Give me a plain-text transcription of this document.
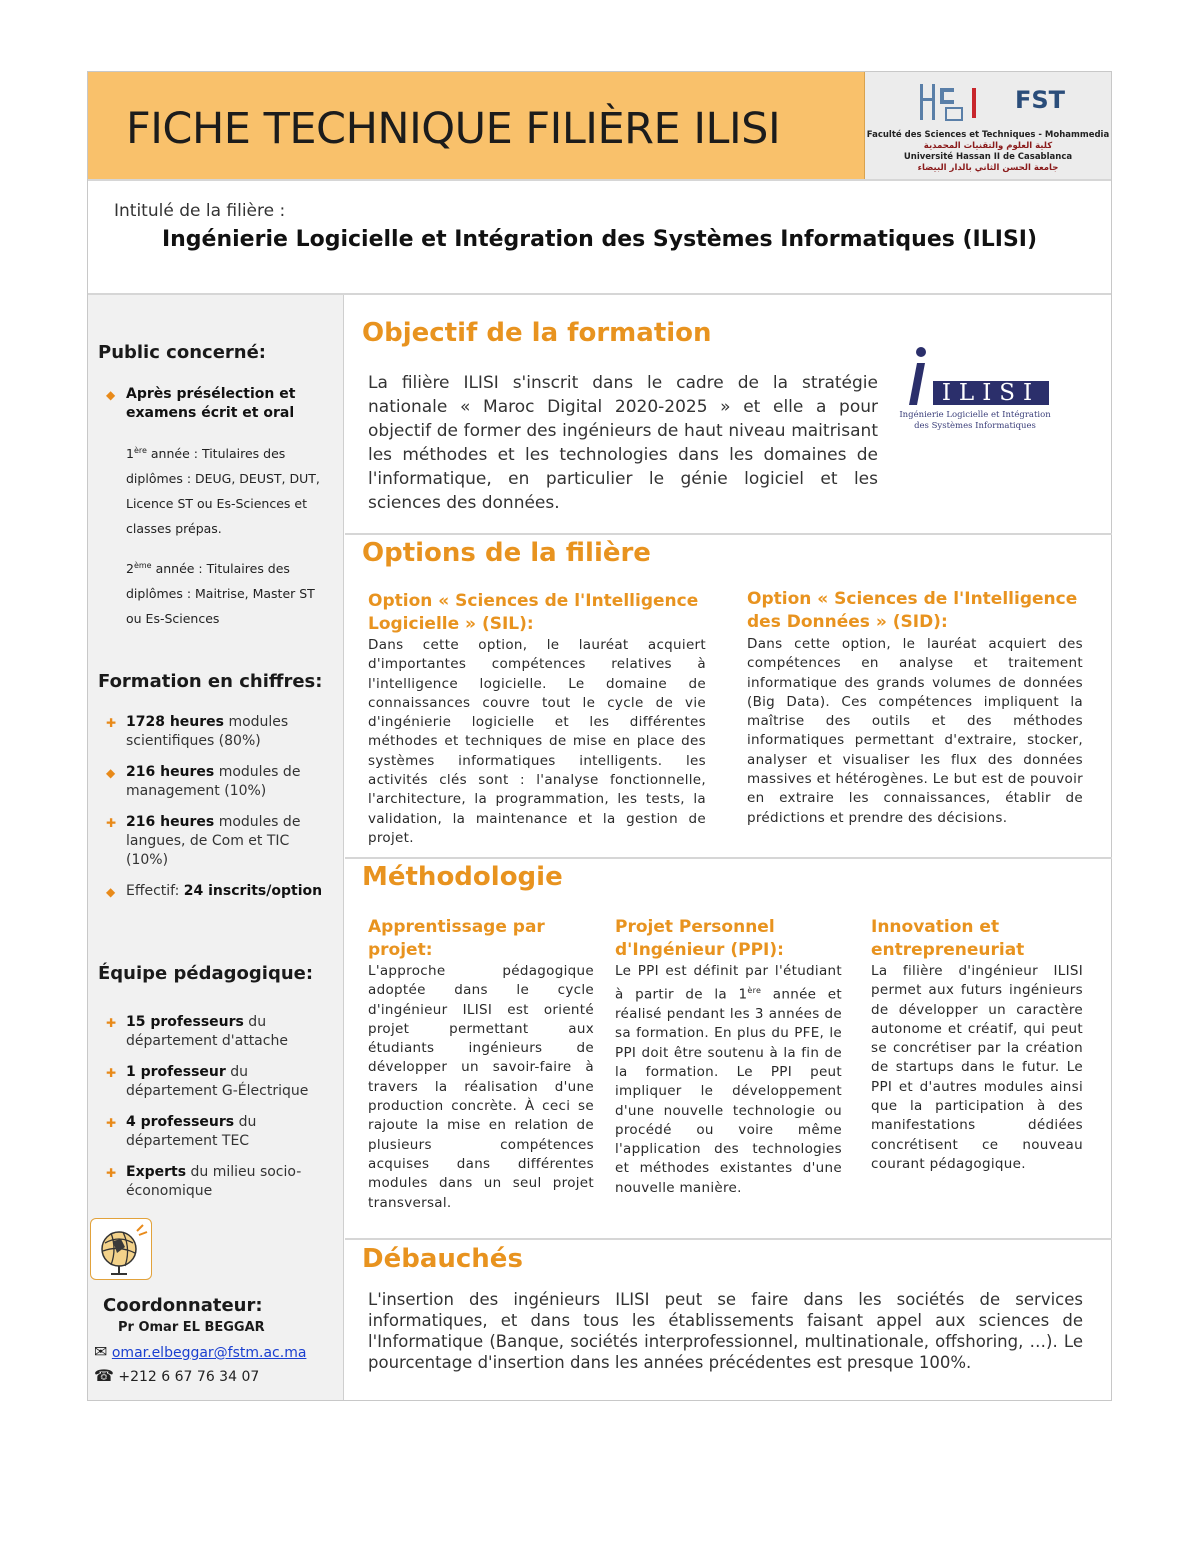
FICHE TECHNIQUE FILIÈRE ILISI
FST
Faculté des Sciences et Techniques - Mohammedia
كلية العلوم والتقنيات المحمدية
Université Hassan II de Casablanca
جامعة الحسن الثاني بالدار البيضاء
Intitulé de la filière :
Ingénierie Logicielle et Intégration des Systèmes Informatiques (ILISI)
Public concerné:
◆ Après présélection et examens écrit et oral
1ère année : Titulaires des diplômes : DEUG, DEUST, DUT, Licence ST ou Es-Sciences et classes prépas.
2ème année : Titulaires des diplômes : Maitrise, Master ST ou Es-Sciences
Formation en chiffres:
✚ 1728 heures modules scientifiques (80%)
◆ 216 heures modules de management (10%)
✚ 216 heures modules de langues, de Com et TIC (10%)
◆ Effectif: 24 inscrits/option
Équipe pédagogique:
✚ 15 professeurs du département d'attache
✚ 1 professeur du département G-Électrique
✚ 4 professeurs du département TEC
✚ Experts du milieu socio-économique
Coordonnateur:
Pr Omar EL BEGGAR
✉ omar.elbeggar@fstm.ac.ma
☎ +212 6 67 76 34 07
Objectif de la formation
La filière ILISI s'inscrit dans le cadre de la stratégie nationale « Maroc Digital 2020-2025 » et elle a pour objectif de former des ingénieurs de haut niveau maitrisant les méthodes et les technologies dans les domaines de l'informatique, en particulier le génie logiciel et les sciences des données.
ILISI
Ingénierie Logicielle et Intégration des Systèmes Informatiques
Options de la filière
Option « Sciences de l'Intelligence Logicielle » (SIL):
Dans cette option, le lauréat acquiert d'importantes compétences relatives à l'intelligence logicielle. Le domaine de connaissances couvre tout le cycle de vie d'ingénierie logicielle et les différentes méthodes et techniques de mise en place des systèmes informatiques intelligents. les activités clés sont : l'analyse fonctionnelle, l'architecture, la programmation, les tests, la validation, la maintenance et la gestion de projet.
Option « Sciences de l'Intelligence des Données » (SID):
Dans cette option, le lauréat acquiert des compétences en analyse et traitement informatique des grands volumes de données (Big Data). Ces compétences impliquent la maîtrise des outils et des méthodes informatiques permettant d'extraire, stocker, analyser et visualiser les flux des données massives et hétérogènes. Le but est de pouvoir en extraire les connaissances, établir de prédictions et prendre des décisions.
Méthodologie
Apprentissage par projet:
L'approche pédagogique adoptée dans le cycle d'ingénieur ILISI est orienté projet permettant aux étudiants ingénieurs de développer un savoir-faire à travers la réalisation d'une production concrète. À ceci se rajoute la mise en relation de plusieurs compétences acquises dans différentes modules dans un seul projet transversal.
Projet Personnel d'Ingénieur (PPI):
Le PPI est définit par l'étudiant à partir de la 1ère année et réalisé pendant les 3 années de sa formation. En plus du PFE, le PPI doit être soutenu à la fin de la formation. Le PPI peut impliquer le développement d'une nouvelle technologie ou procédé ou voire même l'application des technologies et méthodes existantes d'une nouvelle manière.
Innovation et entrepreneuriat
La filière d'ingénieur ILISI permet aux futurs ingénieurs de développer un caractère autonome et créatif, qui peut se concrétiser par la création de startups dans le futur. Le PPI et d'autres modules ainsi que la participation à des manifestations dédiées concrétisent ce nouveau courant pédagogique.
Débauchés
L'insertion des ingénieurs ILISI peut se faire dans les sociétés de services informatiques, et dans tous les établissements faisant appel aux sciences de l'Informatique (Banque, sociétés interprofessionnel, multinationale, offshoring, …). Le pourcentage d'insertion dans les années précédentes est presque 100%.
